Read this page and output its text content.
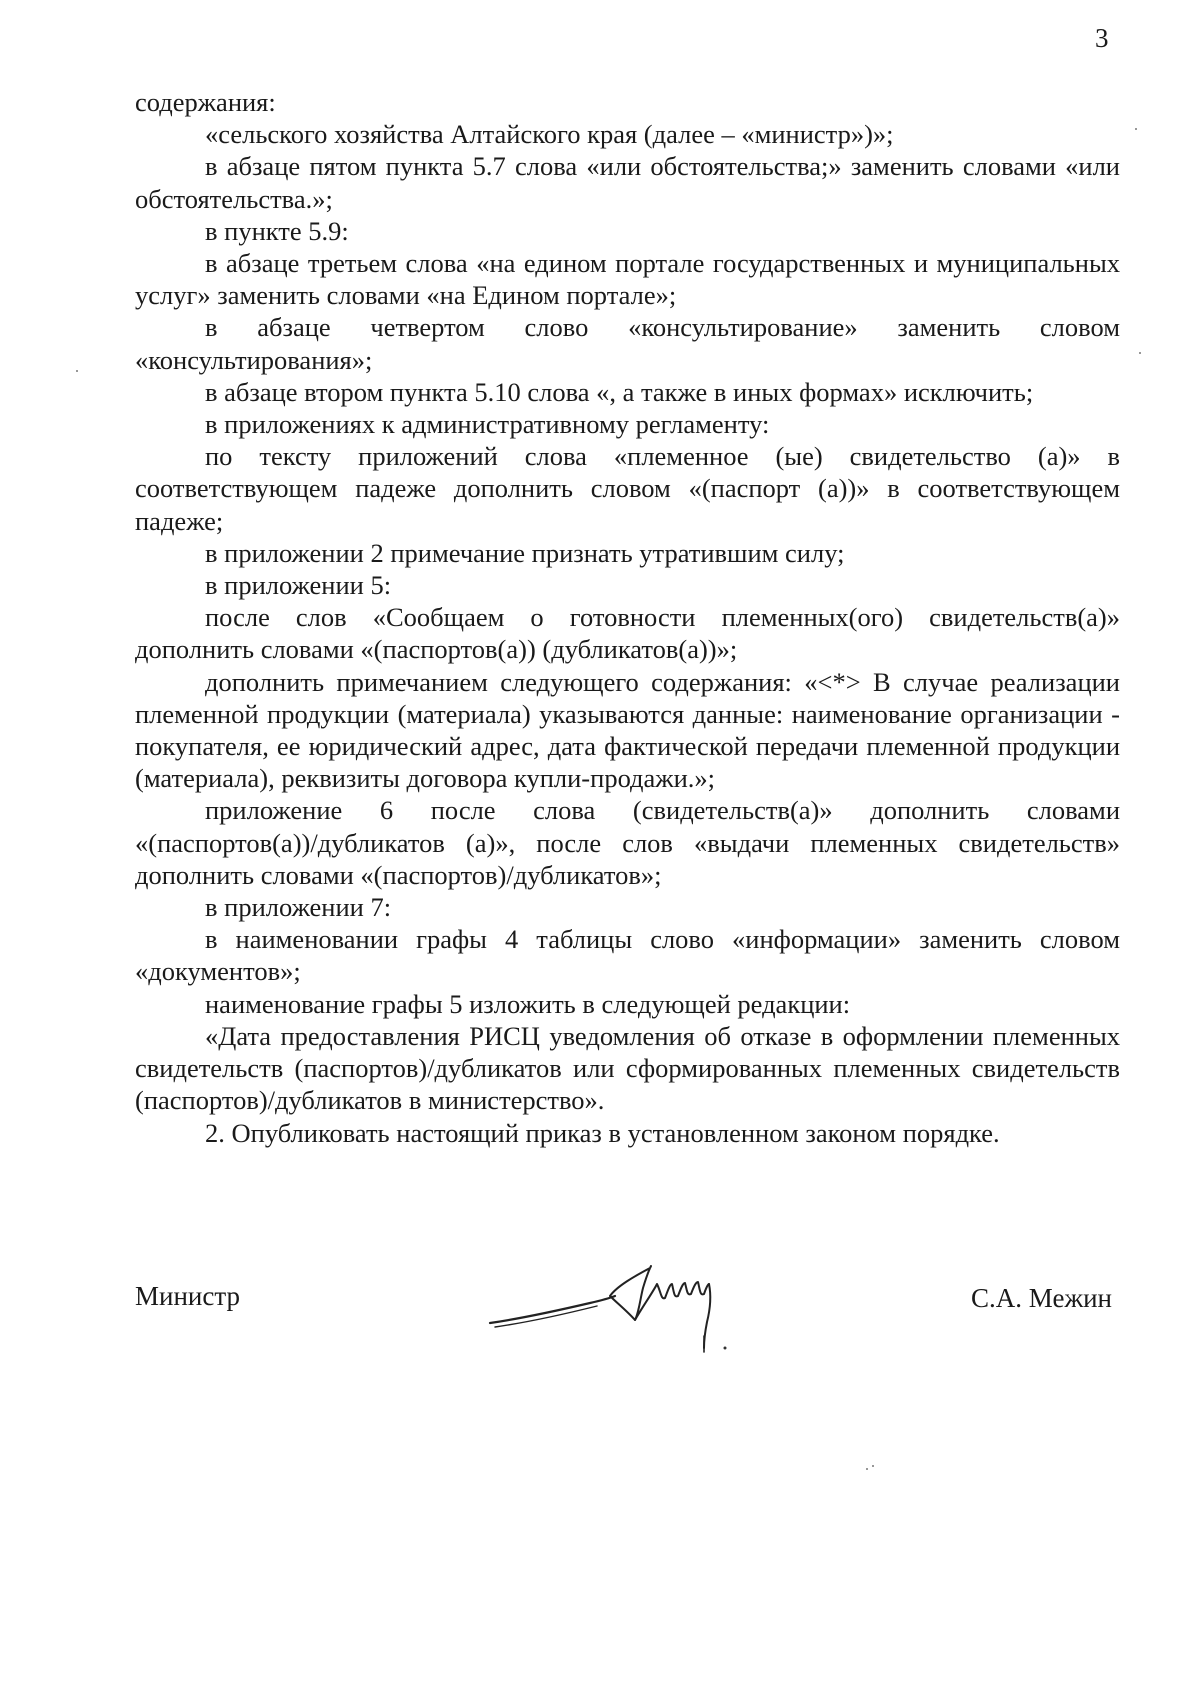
3

содержания:

«сельского хозяйства Алтайского края (далее – «министр»)»;

в абзаце пятом пункта 5.7 слова «или обстоятельства;» заменить словами «или обстоятельства.»;

в пункте 5.9:

в абзаце третьем слова «на едином портале государственных и муниципальных услуг» заменить словами «на Едином портале»;

в абзаце четвертом слово «консультирование» заменить словом «консультирования»;

в абзаце втором пункта 5.10 слова «, а также в иных формах» исключить;

в приложениях к административному регламенту:

по тексту приложений слова «племенное (ые) свидетельство (а)» в соответствующем падеже дополнить словом «(паспорт (а))» в соответствующем падеже;

в приложении 2 примечание признать утратившим силу;

в приложении 5:

после слов «Сообщаем о готовности племенных(ого) свидетельств(а)» дополнить словами «(паспортов(а)) (дубликатов(а))»;

дополнить примечанием следующего содержания: «<*> В случае реализации племенной продукции (материала) указываются данные: наименование организации - покупателя, ее юридический адрес, дата фактической передачи племенной продукции (материала), реквизиты договора купли-продажи.»;

приложение 6 после слова (свидетельств(а)» дополнить словами «(паспортов(а))/дубликатов (а)», после слов «выдачи племенных свидетельств» дополнить словами «(паспортов)/дубликатов»;

в приложении 7:

в наименовании графы 4 таблицы слово «информации» заменить словом «документов»;

наименование графы 5 изложить в следующей редакции:

«Дата предоставления РИСЦ уведомления об отказе в оформлении племенных свидетельств (паспортов)/дубликатов или сформированных племенных свидетельств (паспортов)/дубликатов в министерство».

2. Опубликовать настоящий приказ в установленном законом порядке.

Министр	С.А. Межин
